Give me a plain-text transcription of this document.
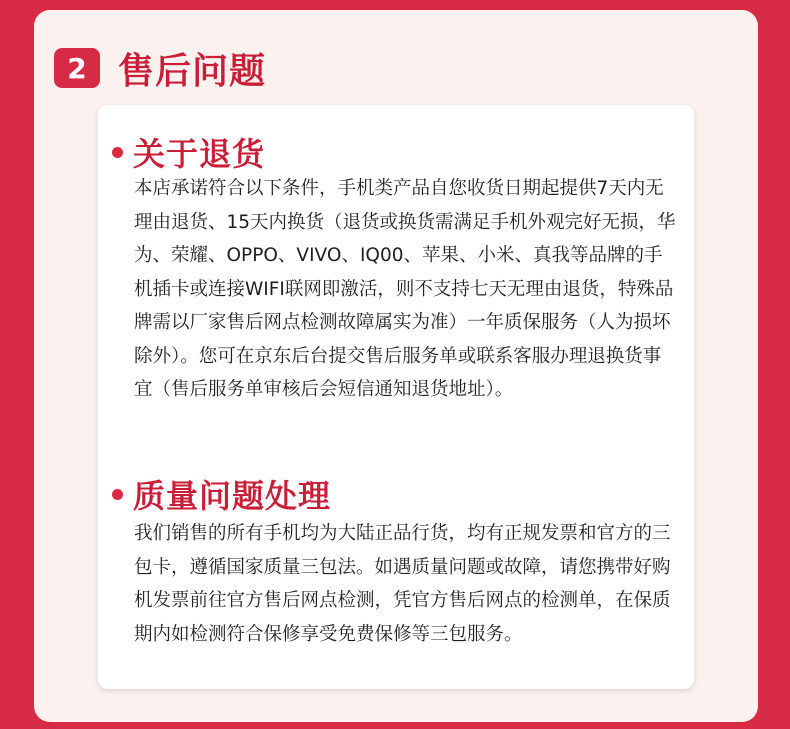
2 售后问题
关于退货

本店承诺符合以下条件，手机类产品自您收货日期起提供7天内无理由退货、15天内换货（退货或换货需满足手机外观完好无损，华为、荣耀、OPPO、VIVO、IQ00、苹果、小米、真我等品牌的手机插卡或连接WIFI联网即激活，则不支持七天无理由退货，特殊品牌需以厂家售后网点检测故障属实为准）一年质保服务（人为损坏除外）。您可在京东后台提交售后服务单或联系客服办理退换货事宜（售后服务单审核后会短信通知退货地址）。

质量问题处理

我们销售的所有手机均为大陆正品行货，均有正规发票和官方的三包卡，遵循国家质量三包法。如遇质量问题或故障，请您携带好购机发票前往官方售后网点检测，凭官方售后网点的检测单，在保质期内如检测符合保修享受免费保修等三包服务。
